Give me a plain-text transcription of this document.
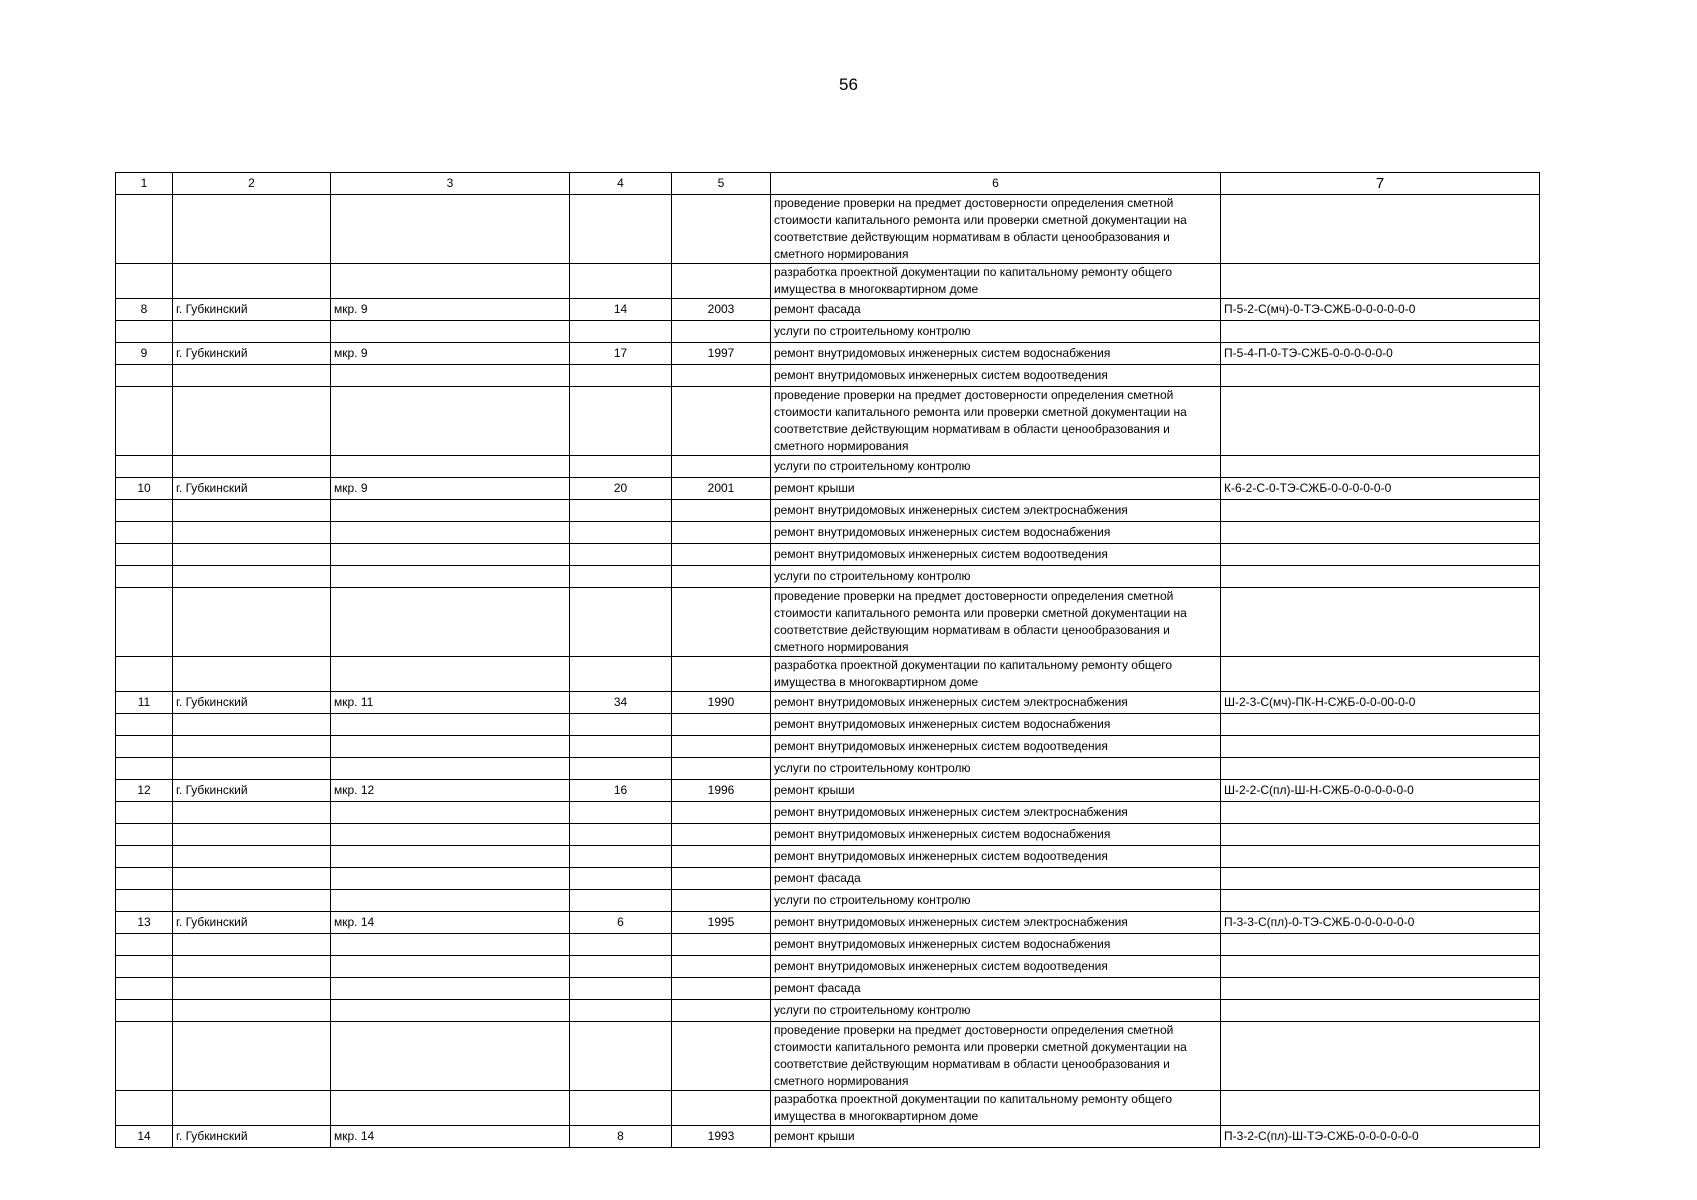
56
1	2	3	4	5	6	7
					проведение проверки на предмет достоверности определения сметной стоимости капитального ремонта или проверки сметной документации на соответствие действующим нормативам в области ценообразования и сметного нормирования	
					разработка проектной документации по капитальному ремонту общего имущества в многоквартирном доме	
8	г. Губкинский	мкр. 9	14	2003	ремонт фасада	П-5-2-С(мч)-0-ТЭ-СЖБ-0-0-0-0-0-0
					услуги по строительному контролю	
9	г. Губкинский	мкр. 9	17	1997	ремонт внутридомовых инженерных систем водоснабжения	П-5-4-П-0-ТЭ-СЖБ-0-0-0-0-0-0
					ремонт внутридомовых инженерных систем водоотведения	
					проведение проверки на предмет достоверности определения сметной стоимости капитального ремонта или проверки сметной документации на соответствие действующим нормативам в области ценообразования и сметного нормирования	
					услуги по строительному контролю	
10	г. Губкинский	мкр. 9	20	2001	ремонт крыши	К-6-2-С-0-ТЭ-СЖБ-0-0-0-0-0-0
					ремонт внутридомовых инженерных систем электроснабжения	
					ремонт внутридомовых инженерных систем водоснабжения	
					ремонт внутридомовых инженерных систем водоотведения	
					услуги по строительному контролю	
					проведение проверки на предмет достоверности определения сметной стоимости капитального ремонта или проверки сметной документации на соответствие действующим нормативам в области ценообразования и сметного нормирования	
					разработка проектной документации по капитальному ремонту общего имущества в многоквартирном доме	
11	г. Губкинский	мкр. 11	34	1990	ремонт внутридомовых инженерных систем электроснабжения	Ш-2-3-С(мч)-ПК-Н-СЖБ-0-0-00-0-0
					ремонт внутридомовых инженерных систем водоснабжения	
					ремонт внутридомовых инженерных систем водоотведения	
					услуги по строительному контролю	
12	г. Губкинский	мкр. 12	16	1996	ремонт крыши	Ш-2-2-С(пл)-Ш-Н-СЖБ-0-0-0-0-0-0
					ремонт внутридомовых инженерных систем электроснабжения	
					ремонт внутридомовых инженерных систем водоснабжения	
					ремонт внутридомовых инженерных систем водоотведения	
					ремонт фасада	
					услуги по строительному контролю	
13	г. Губкинский	мкр. 14	6	1995	ремонт внутридомовых инженерных систем электроснабжения	П-3-3-С(пл)-0-ТЭ-СЖБ-0-0-0-0-0-0
					ремонт внутридомовых инженерных систем водоснабжения	
					ремонт внутридомовых инженерных систем водоотведения	
					ремонт фасада	
					услуги по строительному контролю	
					проведение проверки на предмет достоверности определения сметной стоимости капитального ремонта или проверки сметной документации на соответствие действующим нормативам в области ценообразования и сметного нормирования	
					разработка проектной документации по капитальному ремонту общего имущества в многоквартирном доме	
14	г. Губкинский	мкр. 14	8	1993	ремонт крыши	П-3-2-С(пл)-Ш-ТЭ-СЖБ-0-0-0-0-0-0
